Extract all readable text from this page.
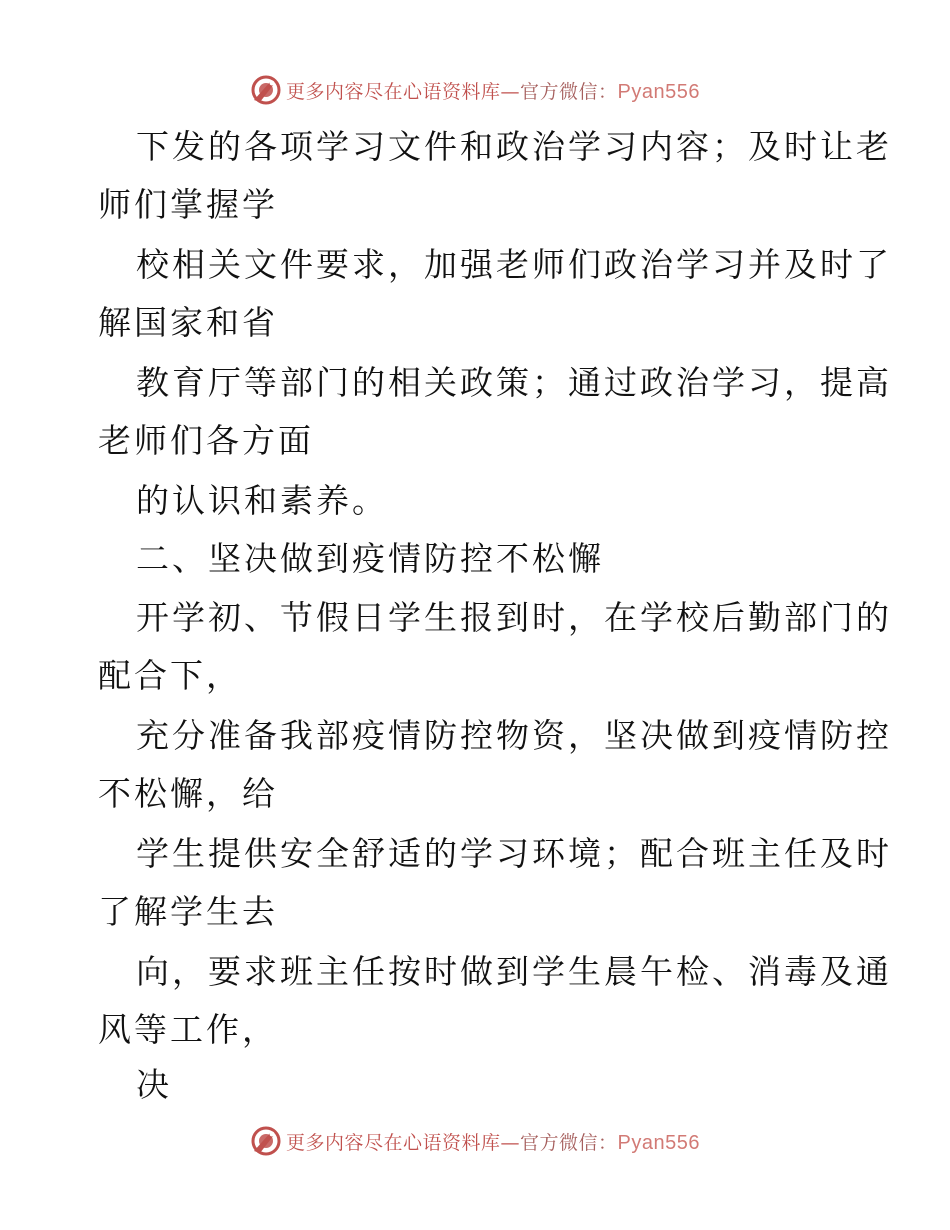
更多内容尽在心语资料库—官方微信：Pyan556
下发的各项学习文件和政治学习内容；及时让老
师们掌握学
校相关文件要求，加强老师们政治学习并及时了
解国家和省
教育厅等部门的相关政策；通过政治学习，提高
老师们各方面
的认识和素养。
二、坚决做到疫情防控不松懈
开学初、节假日学生报到时，在学校后勤部门的
配合下，
充分准备我部疫情防控物资，坚决做到疫情防控
不松懈，给
学生提供安全舒适的学习环境；配合班主任及时
了解学生去
向，要求班主任按时做到学生晨午检、消毒及通
风等工作，
决
更多内容尽在心语资料库—官方微信：Pyan556
